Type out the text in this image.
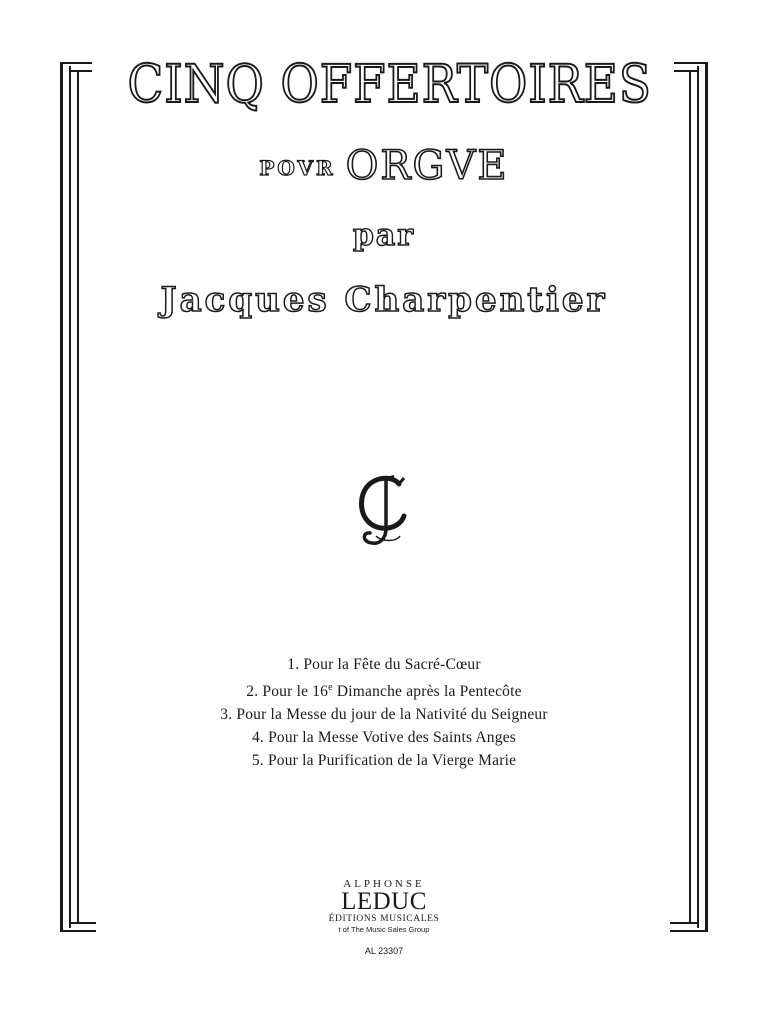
CINQ OFFERTOIRES
POVR ORGVE
par
Jacques Charpentier
1. Pour la Fête du Sacré-Cœur
2. Pour le 16e Dimanche après la Pentecôte
3. Pour la Messe du jour de la Nativité du Seigneur
4. Pour la Messe Votive des Saints Anges
5. Pour la Purification de la Vierge Marie
ALPHONSE
LEDUC
ÉDITIONS MUSICALES
t of The Music Sales Group
AL 23307
